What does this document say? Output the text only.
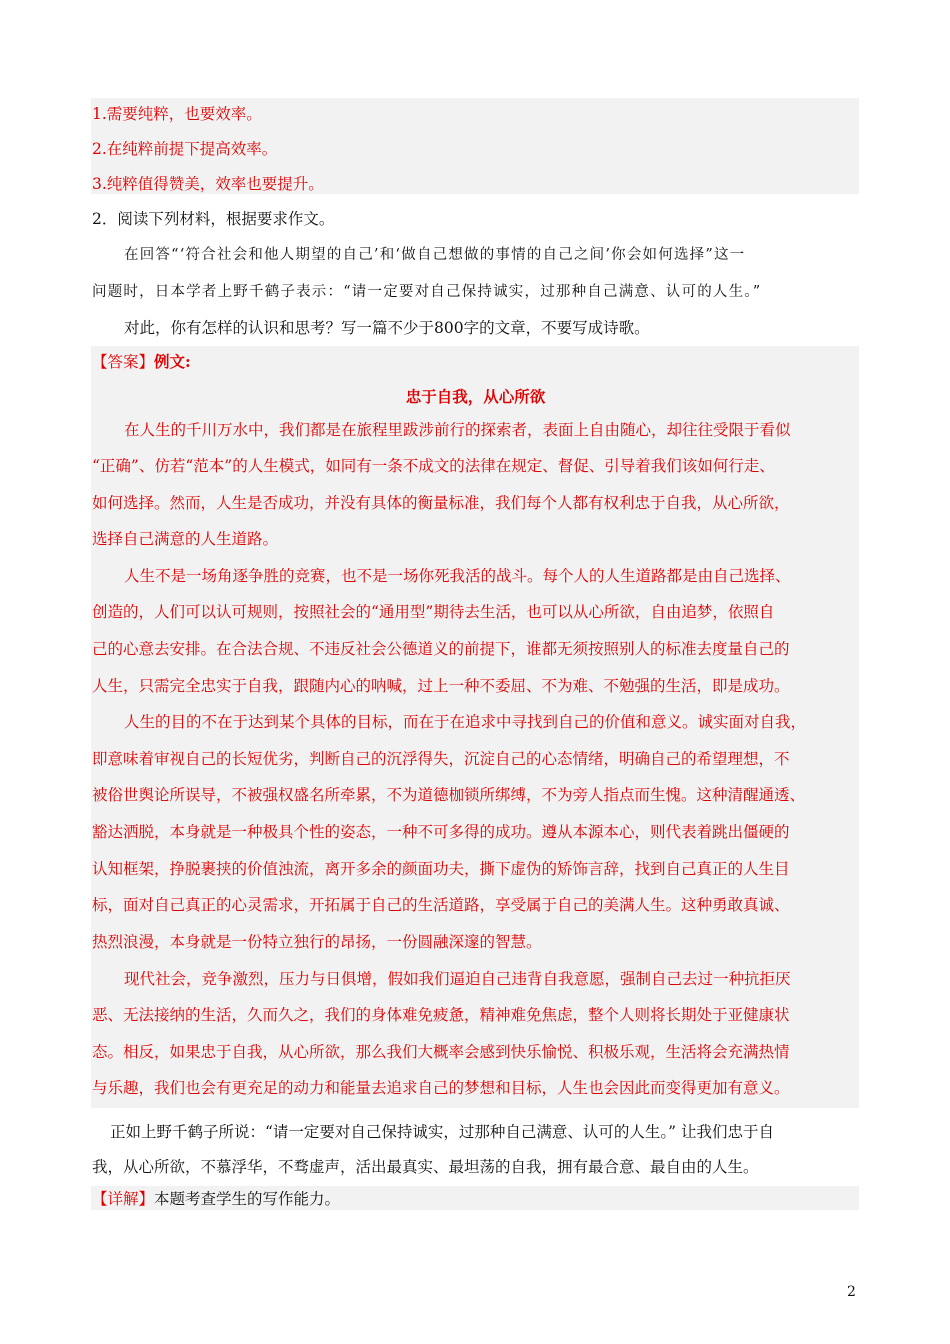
1.需要纯粹，也要效率。
2.在纯粹前提下提高效率。
3.纯粹值得赞美，效率也要提升。
2．阅读下列材料，根据要求作文。
在回答“‘符合社会和他人期望的自己’和‘做自己想做的事情的自己之间’你会如何选择”这一
问题时，日本学者上野千鹤子表示：“请一定要对自己保持诚实，过那种自己满意、认可的人生。”
对此，你有怎样的认识和思考？写一篇不少于800字的文章，不要写成诗歌。
【答案】例文:
忠于自我，从心所欲
在人生的千川万水中，我们都是在旅程里跋涉前行的探索者，表面上自由随心，却往往受限于看似
“正确”、仿若“范本”的人生模式，如同有一条不成文的法律在规定、督促、引导着我们该如何行走、
如何选择。然而，人生是否成功，并没有具体的衡量标准，我们每个人都有权利忠于自我，从心所欲，
选择自己满意的人生道路。
人生不是一场角逐争胜的竞赛，也不是一场你死我活的战斗。每个人的人生道路都是由自己选择、
创造的，人们可以认可规则，按照社会的“通用型”期待去生活，也可以从心所欲，自由追梦，依照自
己的心意去安排。在合法合规、不违反社会公德道义的前提下，谁都无须按照别人的标准去度量自己的
人生，只需完全忠实于自我，跟随内心的呐喊，过上一种不委屈、不为难、不勉强的生活，即是成功。
人生的目的不在于达到某个具体的目标，而在于在追求中寻找到自己的价值和意义。诚实面对自我，
即意味着审视自己的长短优劣，判断自己的沉浮得失，沉淀自己的心态情绪，明确自己的希望理想，不
被俗世舆论所误导，不被强权盛名所牵累，不为道德枷锁所绑缚，不为旁人指点而生愧。这种清醒通透、
豁达洒脱，本身就是一种极具个性的姿态，一种不可多得的成功。遵从本源本心，则代表着跳出僵硬的
认知框架，挣脱裹挟的价值浊流，离开多余的颜面功夫，撕下虚伪的矫饰言辞，找到自己真正的人生目
标，面对自己真正的心灵需求，开拓属于自己的生活道路，享受属于自己的美满人生。这种勇敢真诚、
热烈浪漫，本身就是一份特立独行的昂扬，一份圆融深邃的智慧。
现代社会，竞争激烈，压力与日俱增，假如我们逼迫自己违背自我意愿，强制自己去过一种抗拒厌
恶、无法接纳的生活，久而久之，我们的身体难免疲惫，精神难免焦虑，整个人则将长期处于亚健康状
态。相反，如果忠于自我，从心所欲，那么我们大概率会感到快乐愉悦、积极乐观，生活将会充满热情
与乐趣，我们也会有更充足的动力和能量去追求自己的梦想和目标，人生也会因此而变得更加有意义。
正如上野千鹤子所说：“请一定要对自己保持诚实，过那种自己满意、认可的人生。” 让我们忠于自
我，从心所欲，不慕浮华，不骛虚声，活出最真实、最坦荡的自我，拥有最合意、最自由的人生。
【详解】本题考查学生的写作能力。
2
